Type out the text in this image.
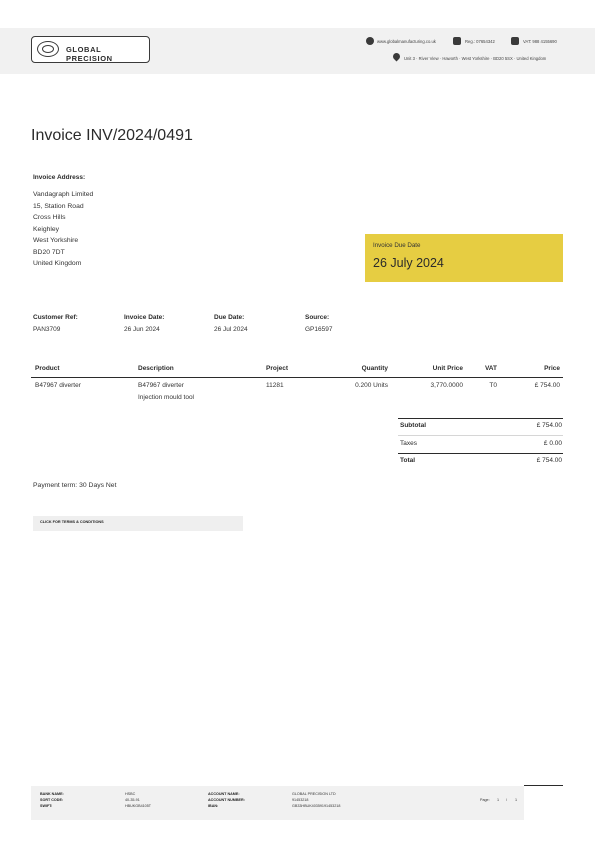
GLOBAL PRECISION
www.globalmanufacturing.co.uk	Reg.: 07654342	VAT: 988 4155690
Unit 3 · River View · Haworth · West Yorkshire · BD20 5SX · United Kingdom
Invoice INV/2024/0491
Invoice Address:
Vandagraph Limited
15, Station Road
Cross Hills
Keighley
West Yorkshire
BD20 7DT
United Kingdom
Invoice Due Date
26 July 2024
Customer Ref:
PAN3709
Invoice Date:
26 Jun 2024
Due Date:
26 Jul 2024
Source:
GP16597
Product	Description	Project	Quantity	Unit Price	VAT	Price
B47967 diverter	B47967 diverter
Injection mould tool
11281	0.200 Units	3,770.0000	T0	£ 754.00
Subtotal	£ 754.00
Taxes	£ 0.00
Total	£ 754.00
Payment term: 30 Days Net
CLICK FOR TERMS & CONDITIONS
BANK NAME:	HSBC
SORT CODE:	40-35-91
SWIFT:	HBUKGB4105T
ACCOUNT NAME:	GLOBAL PRECISION LTD
ACCOUNT NUMBER:	91453218
IBAN:	GB33HBUK40359191453218
Page: 1 / 1
